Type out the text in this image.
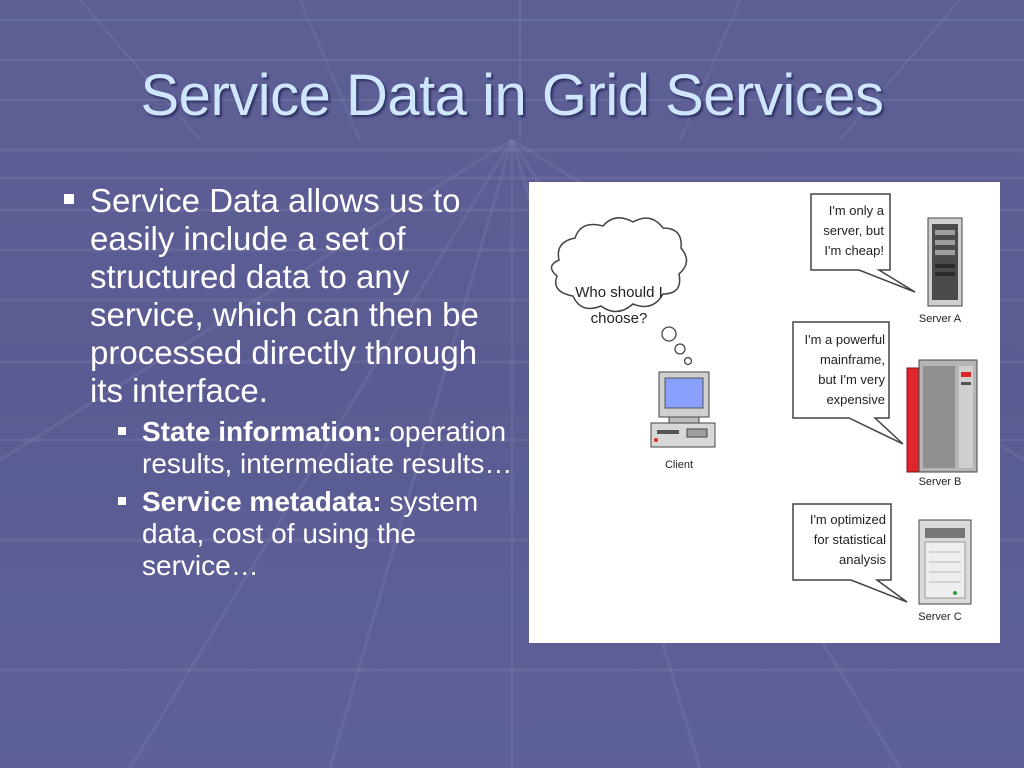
Service Data in Grid Services
Service Data allows us to easily include a set of structured data to any service, which can then be processed directly through its interface.
State information: operation results, intermediate results…
Service metadata: system data, cost of using the service…
Who should I
choose?
Client
I'm only a
server, but
I'm cheap!
Server A
I'm a powerful
mainframe,
but I'm very
expensive
Server B
I'm optimized
for statistical
analysis
Server C
